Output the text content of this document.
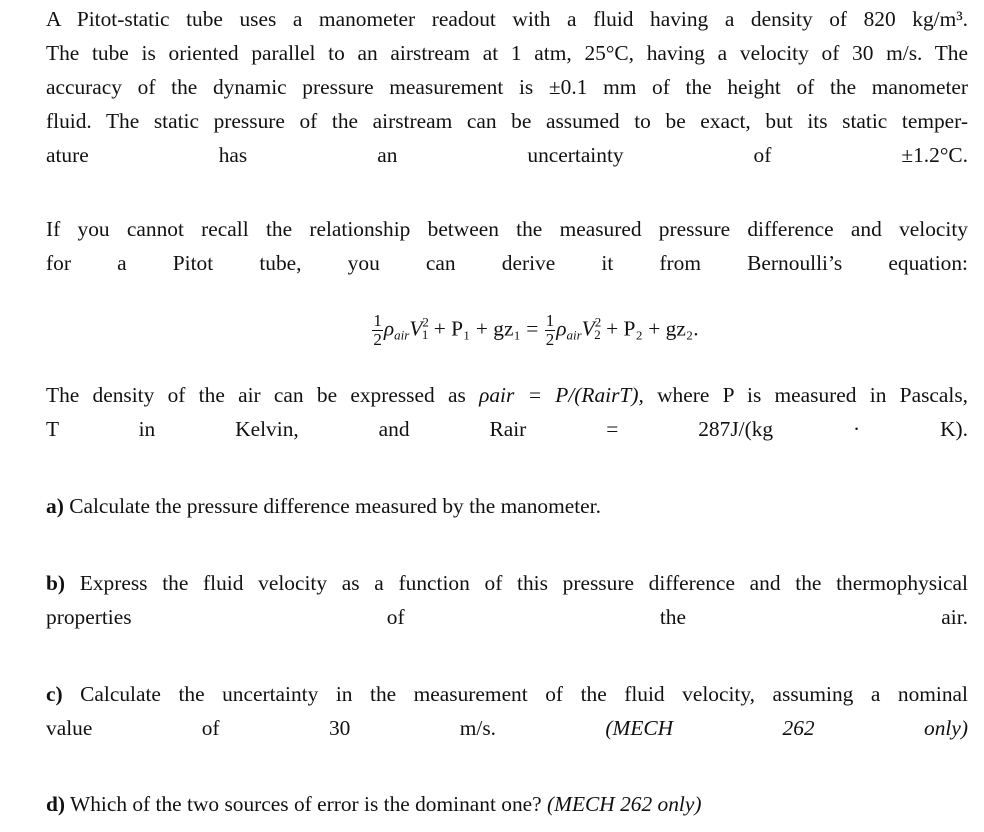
A Pitot-static tube uses a manometer readout with a fluid having a density of 820 kg/m³.
The tube is oriented parallel to an airstream at 1 atm, 25°C, having a velocity of 30 m/s. The
accuracy of the dynamic pressure measurement is ±0.1 mm of the height of the manometer
fluid. The static pressure of the airstream can be assumed to be exact, but its static temper-
ature has an uncertainty of ±1.2°C.
If you cannot recall the relationship between the measured pressure difference and velocity
for a Pitot tube, you can derive it from Bernoulli’s equation:
$\frac{1}{2} \rho_{air}V^21 + P_1 + gz_1 = \frac{1}{2} \rho_{air}V^22 + P_2 + gz_2$.
The density of the air can be expressed as ρair = P/(RairT), where P is measured in Pascals,
T in Kelvin, and Rair = 287J/(kg · K).
a) Calculate the pressure difference measured by the manometer.
b) Express the fluid velocity as a function of this pressure difference and the thermophysical
properties of the air.
c) Calculate the uncertainty in the measurement of the fluid velocity, assuming a nominal
value of 30 m/s.	(MECH 262 only)
d) Which of the two sources of error is the dominant one? (MECH 262 only)
